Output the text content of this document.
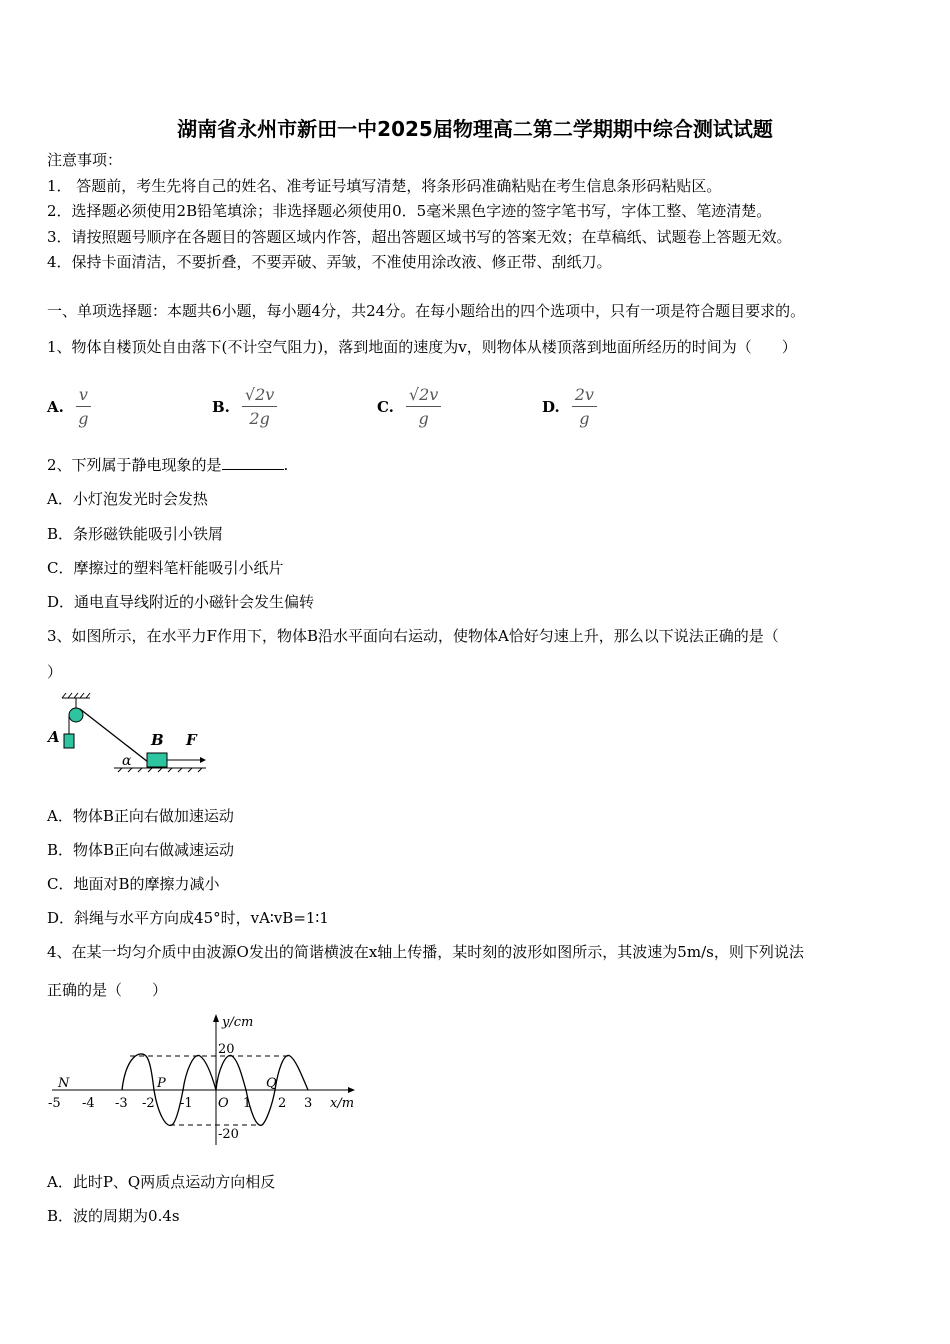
湖南省永州市新田一中2025届物理高二第二学期期中综合测试试题
注意事项：
1． 答题前，考生先将自己的姓名、准考证号填写清楚，将条形码准确粘贴在考生信息条形码粘贴区。
2．选择题必须使用2B铅笔填涂；非选择题必须使用0．5毫米黑色字迹的签字笔书写，字体工整、笔迹清楚。
3．请按照题号顺序在各题目的答题区域内作答，超出答题区域书写的答案无效；在草稿纸、试题卷上答题无效。
4．保持卡面清洁，不要折叠，不要弄破、弄皱，不准使用涂改液、修正带、刮纸刀。
一、单项选择题：本题共6小题，每小题4分，共24分。在每小题给出的四个选项中，只有一项是符合题目要求的。
1、物体自楼顶处自由落下(不计空气阻力)，落到地面的速度为v，则物体从楼顶落到地面所经历的时间为（　　）
A. $\frac{v}{g}$	B. $\frac{√2v}{2g}$	C. $\frac{√2v}{g}$	D. $\frac{2v}{g}$
2、下列属于静电现象的是	.
A．小灯泡发光时会发热
B．条形磁铁能吸引小铁屑
C．摩擦过的塑料笔杆能吸引小纸片
D．通电直导线附近的小磁针会发生偏转
3、如图所示，在水平力F作用下，物体B沿水平面向右运动，使物体A恰好匀速上升，那么以下说法正确的是（
）
A	B F
α
A．物体B正向右做加速运动
B．物体B正向右做减速运动
C．地面对B的摩擦力减小
D．斜绳与水平方向成45°时，vA∶vB=1∶1
4、在某一均匀介质中由波源O发出的简谐横波在x轴上传播，某时刻的波形如图所示，其波速为5m/s，则下列说法
正确的是（　　）
y/cm
20
-20
x/m
-5 -4 -3 -2 -1 O 1 2 3
N	P	Q
A．此时P、Q两质点运动方向相反
B．波的周期为0.4s
